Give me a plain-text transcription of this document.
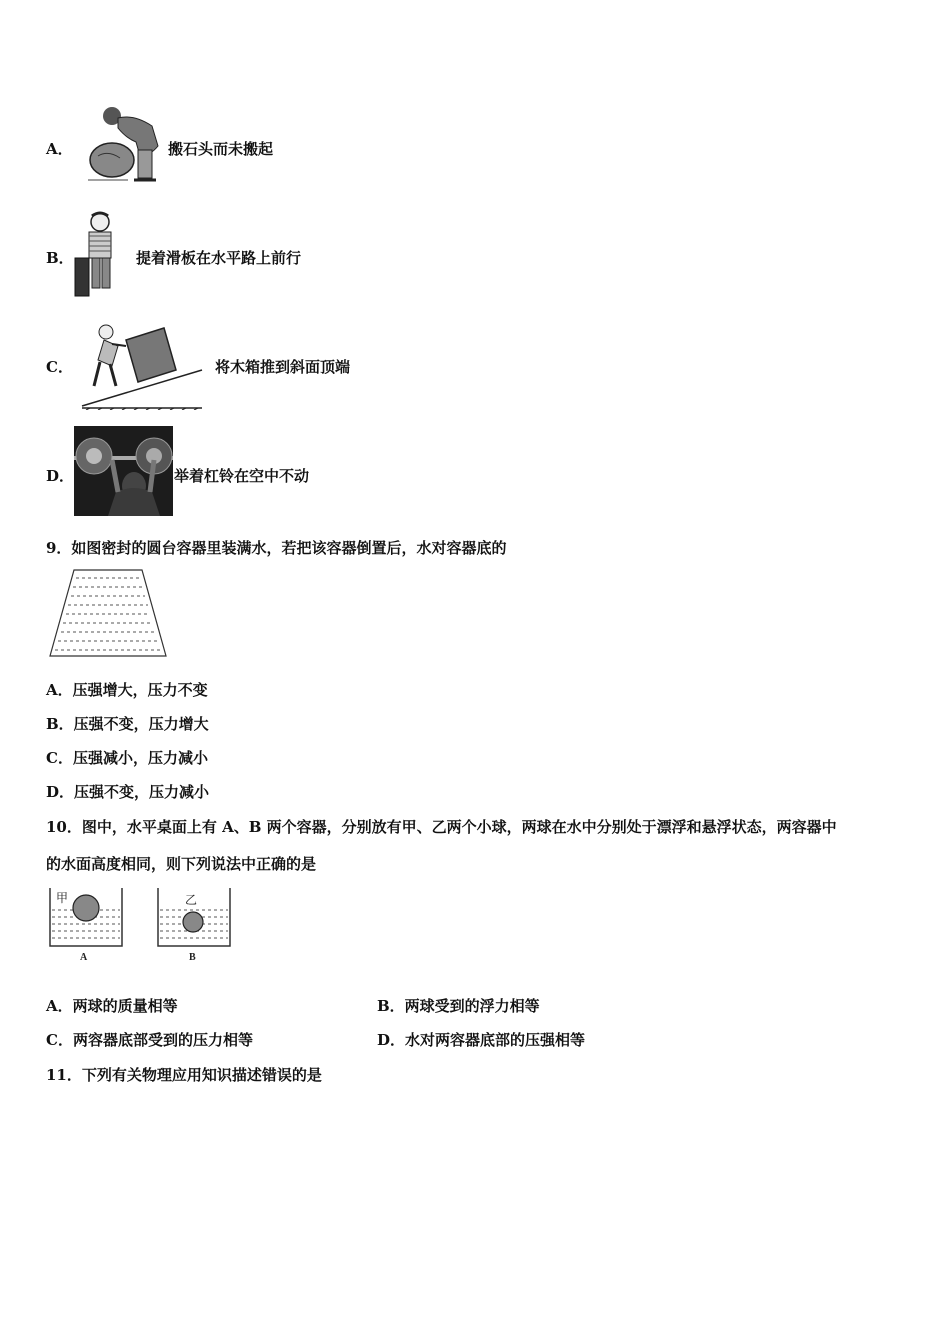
A．	搬石头而未搬起
B．	提着滑板在水平路上前行
C．	将木箱推到斜面顶端
D．	举着杠铃在空中不动
9．如图密封的圆台容器里装满水，若把该容器倒置后，水对容器底的
A．压强增大，压力不变
B．压强不变，压力增大
C．压强减小，压力减小
D．压强不变，压力减小
10．图中，水平桌面上有 A、B 两个容器，分别放有甲、乙两个小球，两球在水中分别处于漂浮和悬浮状态，两容器中
的水面高度相同，则下列说法中正确的是
甲
A
乙
B
A．两球的质量相等	B．两球受到的浮力相等
C．两容器底部受到的压力相等	D．水对两容器底部的压强相等
11．下列有关物理应用知识描述错误的是
